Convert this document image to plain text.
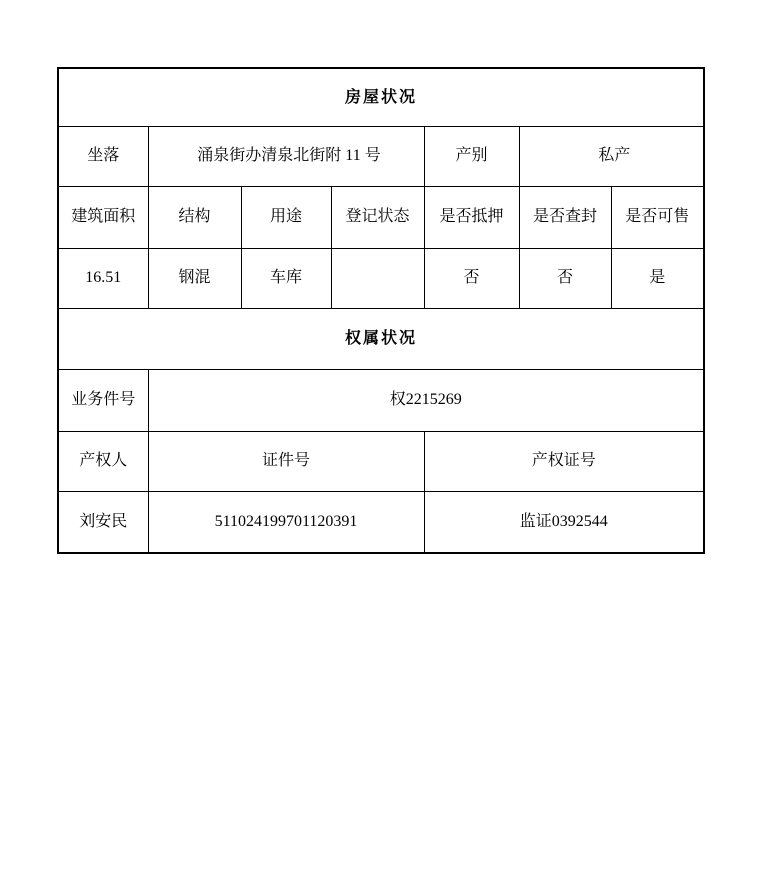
房屋状况						
坐落	涌泉街办清泉北街附 11 号			产别	私产	
建筑面积	结构	用途	登记状态	是否抵押	是否查封	是否可售
16.51	钢混	车库		否	否	是
权属状况						
业务件号	权2215269					
产权人	证件号			产权证号		
刘安民	511024199701120391			监证0392544		
